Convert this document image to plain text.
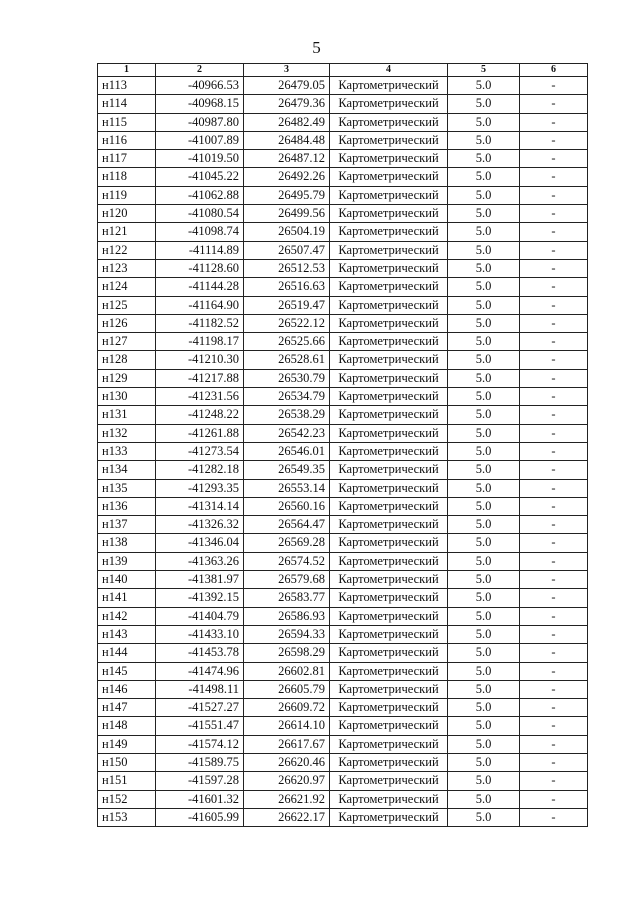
5
1	2	3	4	5	6
н113	-40966.53	26479.05	Картометрический	5.0	-
н114	-40968.15	26479.36	Картометрический	5.0	-
н115	-40987.80	26482.49	Картометрический	5.0	-
н116	-41007.89	26484.48	Картометрический	5.0	-
н117	-41019.50	26487.12	Картометрический	5.0	-
н118	-41045.22	26492.26	Картометрический	5.0	-
н119	-41062.88	26495.79	Картометрический	5.0	-
н120	-41080.54	26499.56	Картометрический	5.0	-
н121	-41098.74	26504.19	Картометрический	5.0	-
н122	-41114.89	26507.47	Картометрический	5.0	-
н123	-41128.60	26512.53	Картометрический	5.0	-
н124	-41144.28	26516.63	Картометрический	5.0	-
н125	-41164.90	26519.47	Картометрический	5.0	-
н126	-41182.52	26522.12	Картометрический	5.0	-
н127	-41198.17	26525.66	Картометрический	5.0	-
н128	-41210.30	26528.61	Картометрический	5.0	-
н129	-41217.88	26530.79	Картометрический	5.0	-
н130	-41231.56	26534.79	Картометрический	5.0	-
н131	-41248.22	26538.29	Картометрический	5.0	-
н132	-41261.88	26542.23	Картометрический	5.0	-
н133	-41273.54	26546.01	Картометрический	5.0	-
н134	-41282.18	26549.35	Картометрический	5.0	-
н135	-41293.35	26553.14	Картометрический	5.0	-
н136	-41314.14	26560.16	Картометрический	5.0	-
н137	-41326.32	26564.47	Картометрический	5.0	-
н138	-41346.04	26569.28	Картометрический	5.0	-
н139	-41363.26	26574.52	Картометрический	5.0	-
н140	-41381.97	26579.68	Картометрический	5.0	-
н141	-41392.15	26583.77	Картометрический	5.0	-
н142	-41404.79	26586.93	Картометрический	5.0	-
н143	-41433.10	26594.33	Картометрический	5.0	-
н144	-41453.78	26598.29	Картометрический	5.0	-
н145	-41474.96	26602.81	Картометрический	5.0	-
н146	-41498.11	26605.79	Картометрический	5.0	-
н147	-41527.27	26609.72	Картометрический	5.0	-
н148	-41551.47	26614.10	Картометрический	5.0	-
н149	-41574.12	26617.67	Картометрический	5.0	-
н150	-41589.75	26620.46	Картометрический	5.0	-
н151	-41597.28	26620.97	Картометрический	5.0	-
н152	-41601.32	26621.92	Картометрический	5.0	-
н153	-41605.99	26622.17	Картометрический	5.0	-
